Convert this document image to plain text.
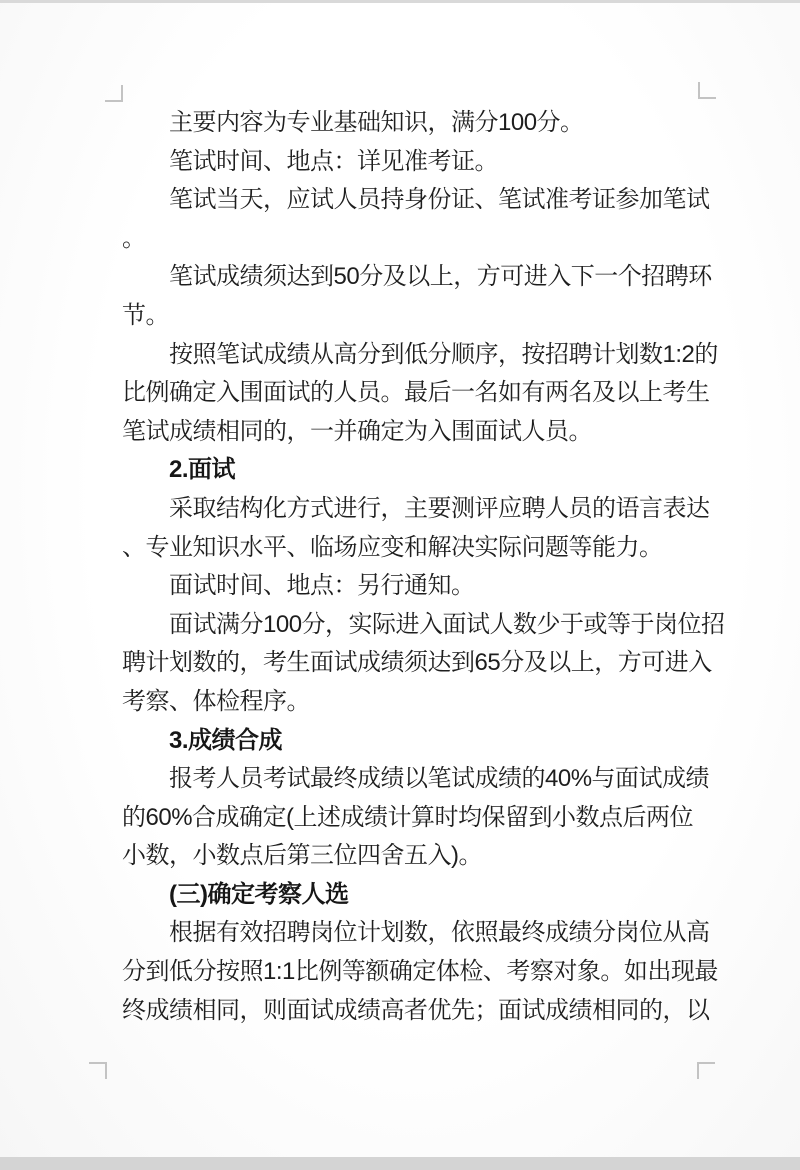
主要内容为专业基础知识，满分100分。
笔试时间、地点：详见准考证。
笔试当天，应试人员持身份证、笔试准考证参加笔试
。
笔试成绩须达到50分及以上，方可进入下一个招聘环
节。
按照笔试成绩从高分到低分顺序，按招聘计划数1:2的
比例确定入围面试的人员。最后一名如有两名及以上考生
笔试成绩相同的，一并确定为入围面试人员。
2.面试
采取结构化方式进行，主要测评应聘人员的语言表达
、专业知识水平、临场应变和解决实际问题等能力。
面试时间、地点：另行通知。
面试满分100分，实际进入面试人数少于或等于岗位招
聘计划数的，考生面试成绩须达到65分及以上，方可进入
考察、体检程序。
3.成绩合成
报考人员考试最终成绩以笔试成绩的40%与面试成绩
的60%合成确定(上述成绩计算时均保留到小数点后两位
小数，小数点后第三位四舍五入)。
(三)确定考察人选
根据有效招聘岗位计划数，依照最终成绩分岗位从高
分到低分按照1:1比例等额确定体检、考察对象。如出现最
终成绩相同，则面试成绩高者优先；面试成绩相同的，以
